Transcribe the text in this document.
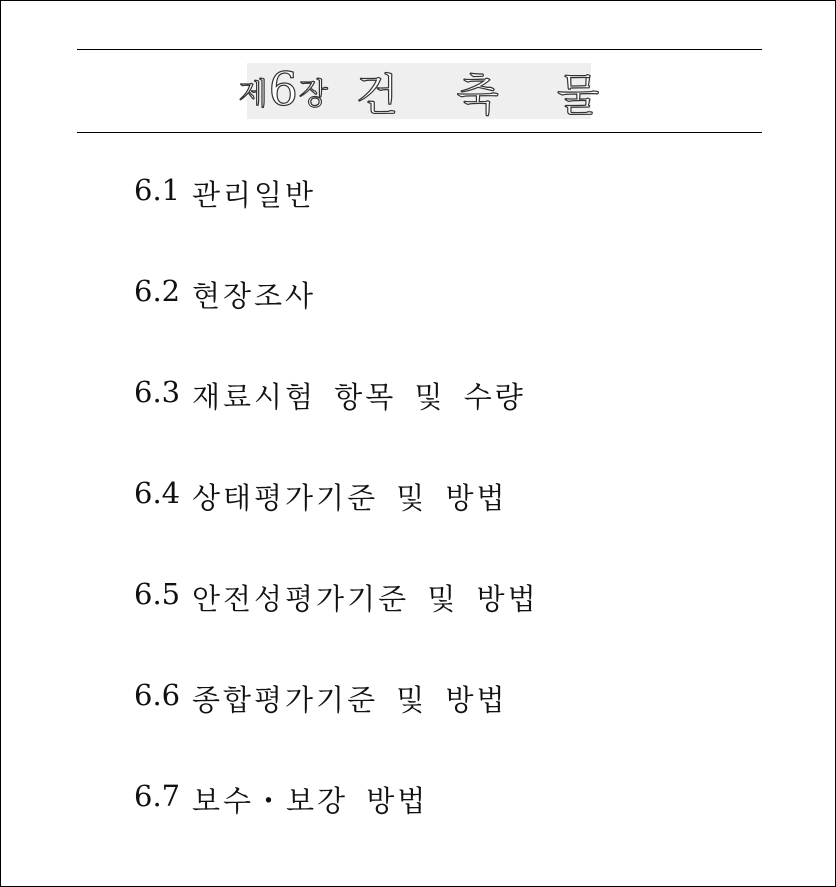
제 6 장 건 축 물
6.1 관리일반
6.2 현장조사
6.3 재료시험 항목 및 수량
6.4 상태평가기준 및 방법
6.5 안전성평가기준 및 방법
6.6 종합평가기준 및 방법
6.7 보수・보강 방법
